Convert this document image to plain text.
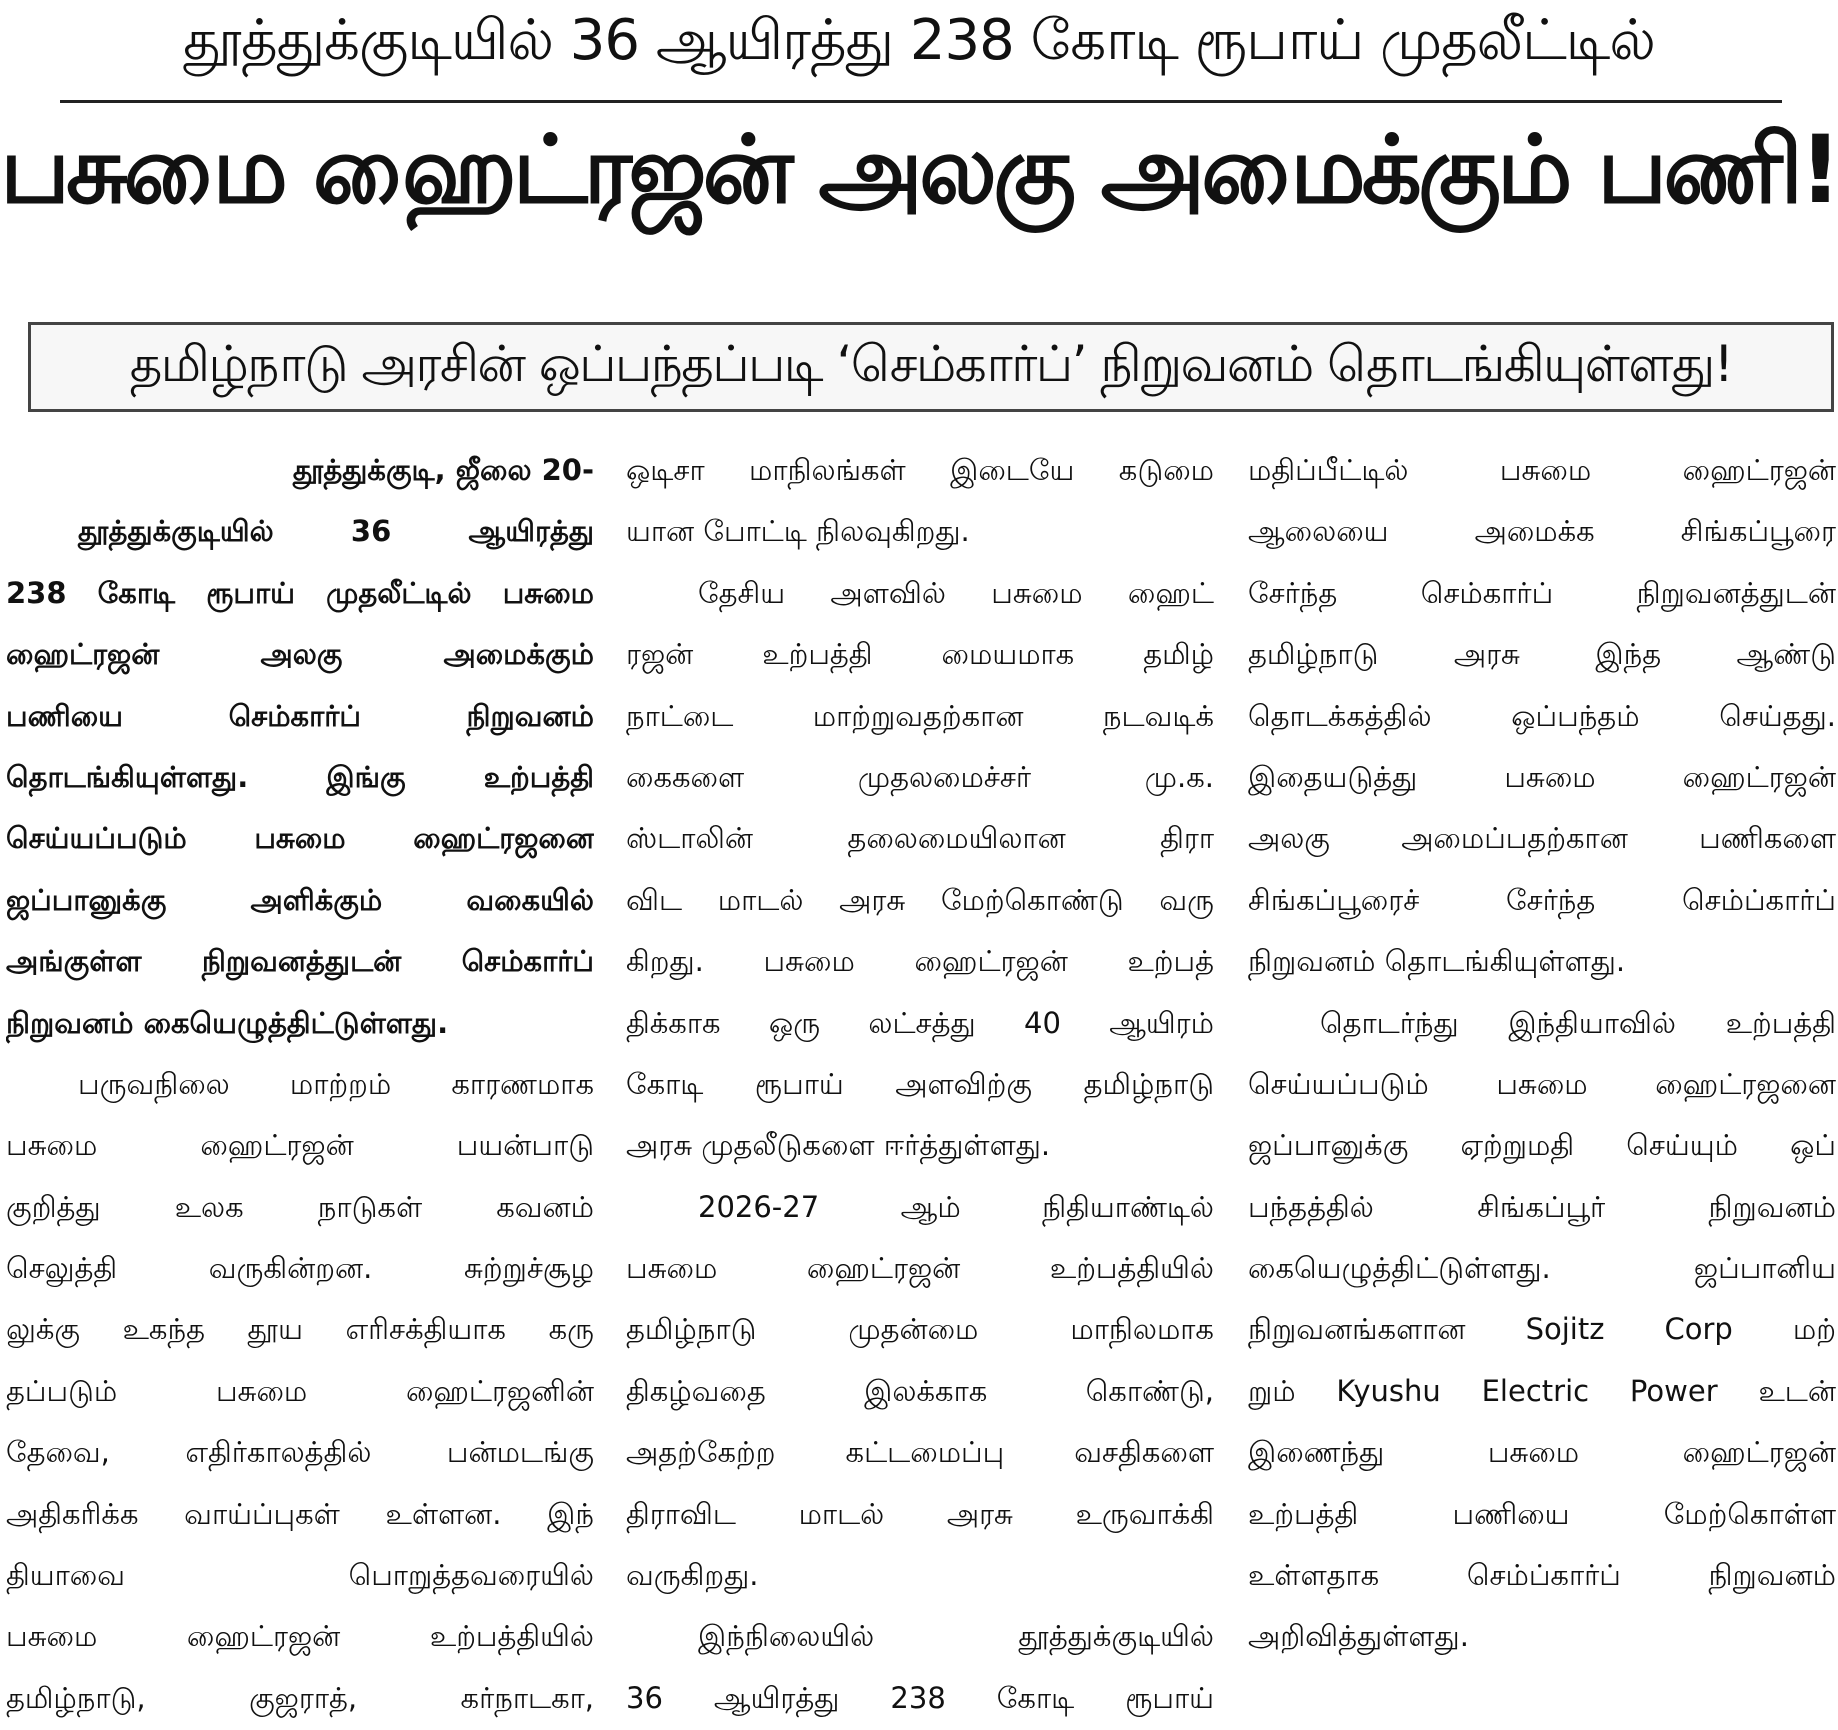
தூத்துக்குடியில் 36 ஆயிரத்து 238 கோடி ரூபாய் முதலீட்டில்
பசுமை ஹைட்ரஜன் அலகு அமைக்கும் பணி!
தமிழ்நாடு அரசின் ஒப்பந்தப்படி ‘செம்கார்ப்’ நிறுவனம் தொடங்கியுள்ளது!
தூத்துக்குடி, ஜீலை 20-
தூத்துக்குடியில் 36 ஆயிரத்து
238 கோடி ரூபாய் முதலீட்டில் பசுமை
ஹைட்ரஜன் அலகு அமைக்கும்
பணியை செம்கார்ப் நிறுவனம்
தொடங்கியுள்ளது. இங்கு உற்பத்தி
செய்யப்படும் பசுமை ஹைட்ரஜனை
ஜப்பானுக்கு அளிக்கும் வகையில்
அங்குள்ள நிறுவனத்துடன் செம்கார்ப்
நிறுவனம் கையெழுத்திட்டுள்ளது.
பருவநிலை மாற்றம் காரணமாக
பசுமை ஹைட்ரஜன் பயன்பாடு
குறித்து உலக நாடுகள் கவனம்
செலுத்தி வருகின்றன. சுற்றுச்சூழ
லுக்கு உகந்த தூய எரிசக்தியாக கரு
தப்படும் பசுமை ஹைட்ரஜனின்
தேவை, எதிர்காலத்தில் பன்மடங்கு
அதிகரிக்க வாய்ப்புகள் உள்ளன. இந்
தியாவை பொறுத்தவரையில்
பசுமை ஹைட்ரஜன் உற்பத்தியில்
தமிழ்நாடு, குஜராத், கர்நாடகா,
ஒடிசா மாநிலங்கள் இடையே கடுமை
யான போட்டி நிலவுகிறது.
தேசிய அளவில் பசுமை ஹைட்
ரஜன் உற்பத்தி மையமாக தமிழ்
நாட்டை மாற்றுவதற்கான நடவடிக்
கைகளை முதலமைச்சர் மு.க.
ஸ்டாலின் தலைமையிலான திரா
விட மாடல் அரசு மேற்கொண்டு வரு
கிறது. பசுமை ஹைட்ரஜன் உற்பத்
திக்காக ஒரு லட்சத்து 40 ஆயிரம்
கோடி ரூபாய் அளவிற்கு தமிழ்நாடு
அரசு முதலீடுகளை ஈர்த்துள்ளது.
2026-27 ஆம் நிதியாண்டில்
பசுமை ஹைட்ரஜன் உற்பத்தியில்
தமிழ்நாடு முதன்மை மாநிலமாக
திகழ்வதை இலக்காக கொண்டு,
அதற்கேற்ற கட்டமைப்பு வசதிகளை
திராவிட மாடல் அரசு உருவாக்கி
வருகிறது.
இந்நிலையில் தூத்துக்குடியில்
36 ஆயிரத்து 238 கோடி ரூபாய்
மதிப்பீட்டில் பசுமை ஹைட்ரஜன்
ஆலையை அமைக்க சிங்கப்பூரை
சேர்ந்த செம்கார்ப் நிறுவனத்துடன்
தமிழ்நாடு அரசு இந்த ஆண்டு
தொடக்கத்தில் ஒப்பந்தம் செய்தது.
இதையடுத்து பசுமை ஹைட்ரஜன்
அலகு அமைப்பதற்கான பணிகளை
சிங்கப்பூரைச் சேர்ந்த செம்ப்கார்ப்
நிறுவனம் தொடங்கியுள்ளது.
தொடர்ந்து இந்தியாவில் உற்பத்தி
செய்யப்படும் பசுமை ஹைட்ரஜனை
ஜப்பானுக்கு ஏற்றுமதி செய்யும் ஒப்
பந்தத்தில் சிங்கப்பூர் நிறுவனம்
கையெழுத்திட்டுள்ளது. ஜப்பானிய
நிறுவனங்களான Sojitz Corp மற்
றும் Kyushu Electric Power உடன்
இணைந்து பசுமை ஹைட்ரஜன்
உற்பத்தி பணியை மேற்கொள்ள
உள்ளதாக செம்ப்கார்ப் நிறுவனம்
அறிவித்துள்ளது.
